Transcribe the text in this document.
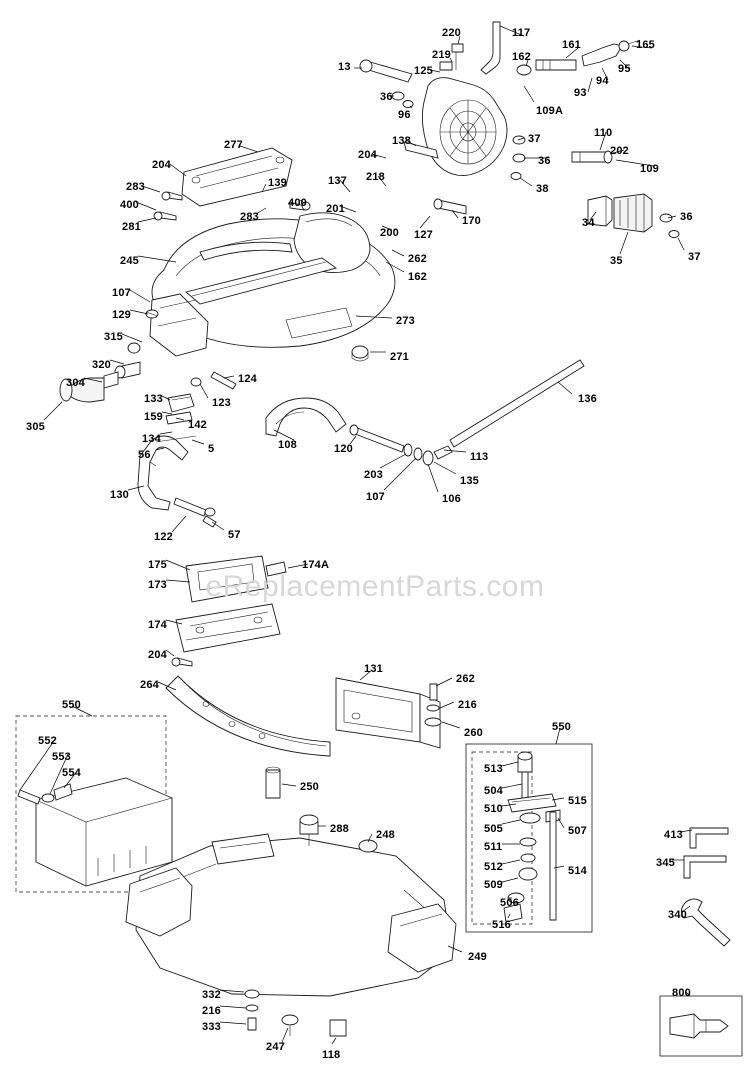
eReplacementParts.com
220	117
161	165
219	162
95
13	125
94
93
36
109A
96
110
138	37
202
277
204	36
109
204
139	137 218
283	38
400	400
283
201
36
281	170
200 127
34
37
35
245	262
162
107
129	273
315
320
271
304	124
136
133	123
159
142
305
108	120
113
134
5
56
135
203
107	106
130
122	57
175	174A
173
174
204
131
262
264
216
550
260	550
552
553
554	513
504
250
510
515
505	507
288 248
511
413
512	514
345
509
506
516
340
249
332	800
216
333
247
118
